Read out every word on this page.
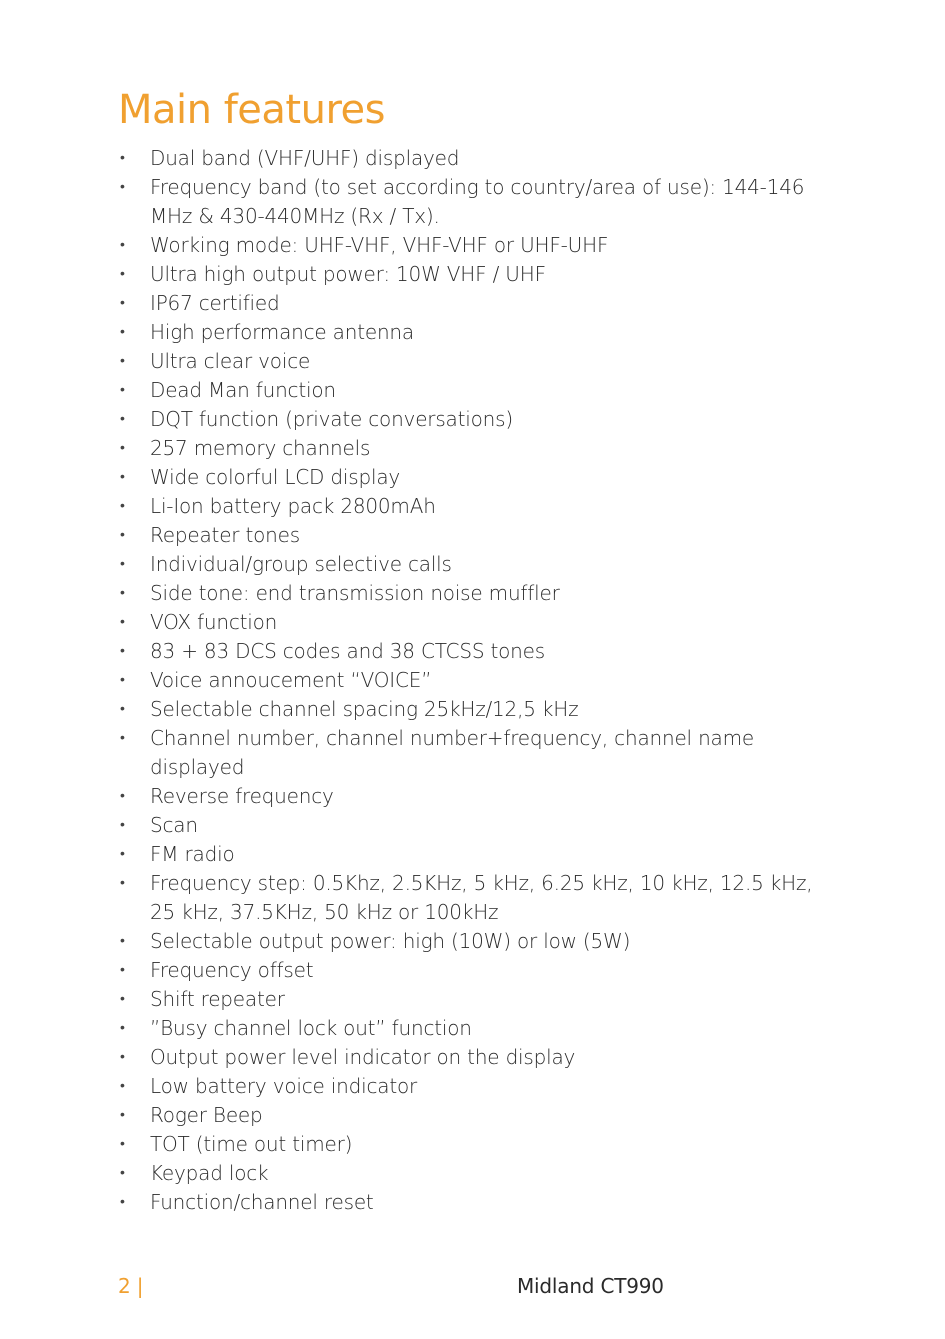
Main features
• Dual band (VHF/UHF) displayed
• Frequency band (to set according to country/area of use): 144-146 MHz & 430-440MHz (Rx / Tx).
• Working mode: UHF-VHF, VHF-VHF or UHF-UHF
• Ultra high output power: 10W VHF / UHF
• IP67 certified
• High performance antenna
• Ultra clear voice
• Dead Man function
• DQT function (private conversations)
• 257 memory channels
• Wide colorful LCD display
• Li-Ion battery pack 2800mAh
• Repeater tones
• Individual/group selective calls
• Side tone: end transmission noise muffler
• VOX function
• 83 + 83 DCS codes and 38 CTCSS tones
• Voice annoucement “VOICE”
• Selectable channel spacing 25kHz/12,5 kHz
• Channel number, channel number+frequency, channel name displayed
• Reverse frequency
• Scan
• FM radio
• Frequency step: 0.5Khz, 2.5KHz, 5 kHz, 6.25 kHz, 10 kHz, 12.5 kHz, 25 kHz, 37.5KHz, 50 kHz or 100kHz
• Selectable output power: high (10W) or low (5W)
• Frequency offset
• Shift repeater
• ”Busy channel lock out” function
• Output power level indicator on the display
• Low battery voice indicator
• Roger Beep
• TOT (time out timer)
• Keypad lock
• Function/channel reset
2 |	Midland CT990
